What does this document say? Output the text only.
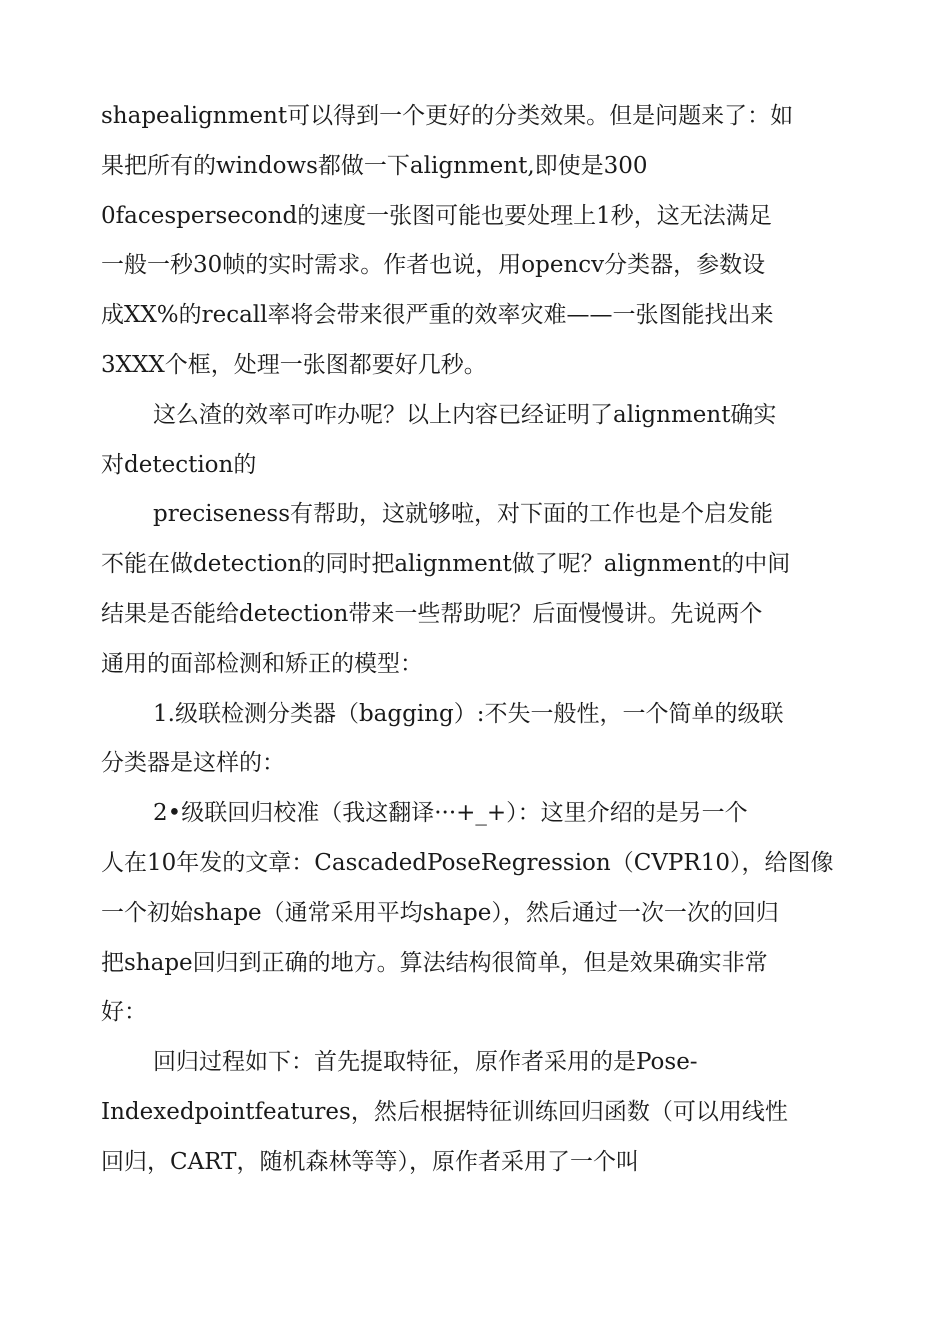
shapealignment可以得到一个更好的分类效果。但是问题来了：如
果把所有的windows都做一下alignment,即使是300
0facespersecond的速度一张图可能也要处理上1秒，这无法满足
一般一秒30帧的实时需求。作者也说，用opencv分类器，参数设
成XX%的recall率将会带来很严重的效率灾难——一张图能找出来
3XXX个框，处理一张图都要好几秒。
这么渣的效率可咋办呢？以上内容已经证明了alignment确实
对detection的
preciseness有帮助，这就够啦，对下面的工作也是个启发能
不能在做detection的同时把alignment做了呢？alignment的中间
结果是否能给detection带来一些帮助呢？后面慢慢讲。先说两个
通用的面部检测和矫正的模型：
1.级联检测分类器（bagging）:不失一般性，一个简单的级联
分类器是这样的：
2•级联回归校准（我这翻译···+_+）：这里介绍的是另一个
人在10年发的文章：CascadedPoseRegression（CVPR10），给图像
一个初始shape（通常采用平均shape），然后通过一次一次的回归
把shape回归到正确的地方。算法结构很简单，但是效果确实非常
好：
回归过程如下：首先提取特征，原作者采用的是Pose-
Indexedpointfeatures，然后根据特征训练回归函数（可以用线性
回归，CART，随机森林等等），原作者采用了一个叫
